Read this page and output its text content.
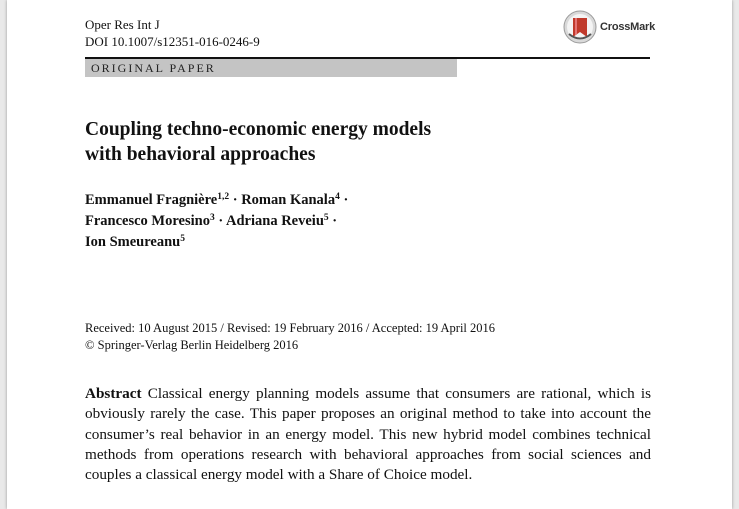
Oper Res Int J
DOI 10.1007/s12351-016-0246-9
CrossMark
ORIGINAL PAPER
Coupling techno-economic energy models
with behavioral approaches
Emmanuel Fragnière$^{1,2}$ · Roman Kanala$^4$ ·
Francesco Moresino$^3$ · Adriana Reveiu$^5$ ·
Ion Smeureanu$^5$
Received: 10 August 2015 / Revised: 19 February 2016 / Accepted: 19 April 2016
© Springer-Verlag Berlin Heidelberg 2016
Abstract Classical energy planning models assume that consumers are rational, which is obviously rarely the case. This paper proposes an original method to take into account the consumer’s real behavior in an energy model. This new hybrid model combines technical methods from operations research with behavioral approaches from social sciences and couples a classical energy model with a Share of Choice model.
